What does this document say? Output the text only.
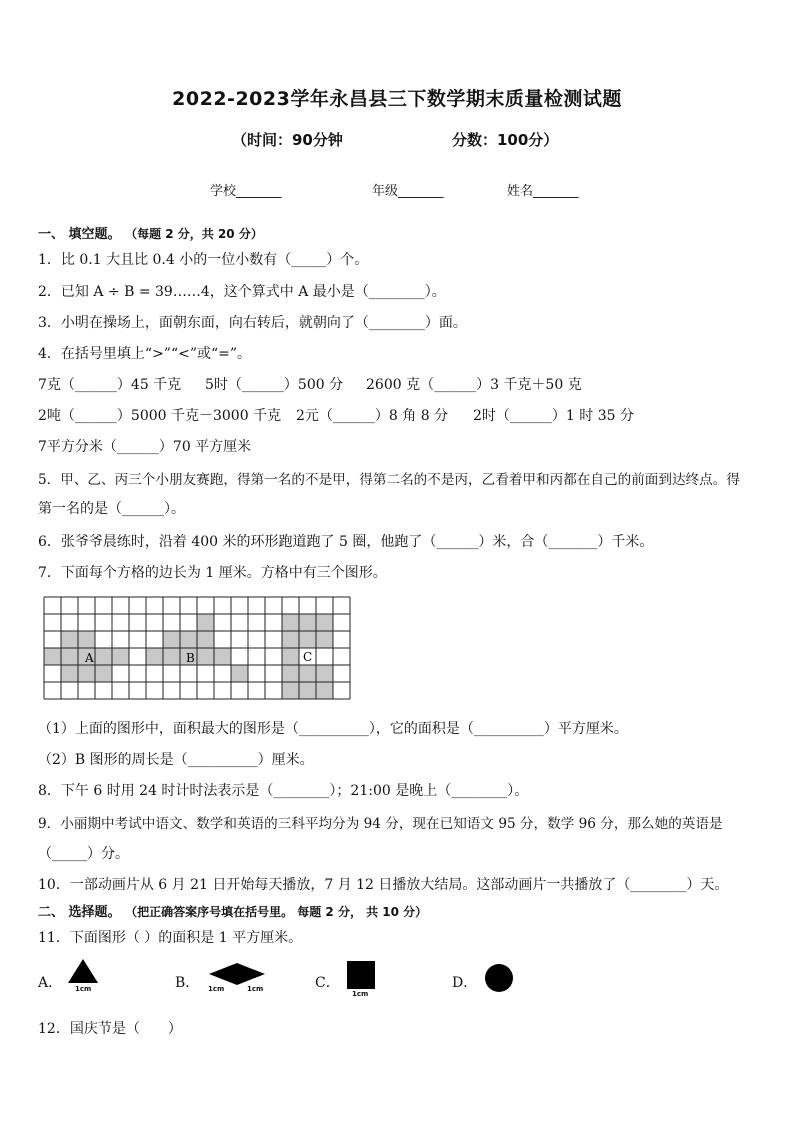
2022-2023学年永昌县三下数学期末质量检测试题
（时间：90分钟	分数：100分）
学校_______	年级_______	姓名_______
一、 填空题。 （每题 2 分，共 20 分）
1．比 0.1 大且比 0.4 小的一位小数有（_____）个。
2．已知 A ÷ B = 39……4，这个算式中 A 最小是（________）。
3．小明在操场上，面朝东面，向右转后，就朝向了（________）面。
4．在括号里填上“>”“<”或“=”。
7克（______）45 千克 5时（______）500 分 2600 克（______）3 千克＋50 克
2吨（______）5000 千克－3000 千克 2元（______）8 角 8 分 2时（______）1 时 35 分
7平方分米（______）70 平方厘米
5．甲、乙、丙三个小朋友赛跑，得第一名的不是甲，得第二名的不是丙，乙看着甲和丙都在自己的前面到达终点。得
第一名的是（______）。
6．张爷爷晨练时，沿着 400 米的环形跑道跑了 5 圈，他跑了（______）米，合（_______）千米。
7．下面每个方格的边长为 1 厘米。方格中有三个图形。
A	B	C
（1）上面的图形中，面积最大的图形是（__________），它的面积是（__________）平方厘米。
（2）B 图形的周长是（__________）厘米。
8．下午 6 时用 24 时计时法表示是（________）；21:00 是晚上（________）。
9．小丽期中考试中语文、数学和英语的三科平均分为 94 分，现在已知语文 95 分，数学 96 分，那么她的英语是
（_____）分。
10．一部动画片从 6 月 21 日开始每天播放，7 月 12 日播放大结局。这部动画片一共播放了（________）天。
二、 选择题。 （把正确答案序号填在括号里。 每题 2 分， 共 10 分）
11．下面图形（ ）的面积是 1 平方厘米。
A． 1cm	B． 1cm	1cm	C．
1cm
D．
12．国庆节是（　　）
